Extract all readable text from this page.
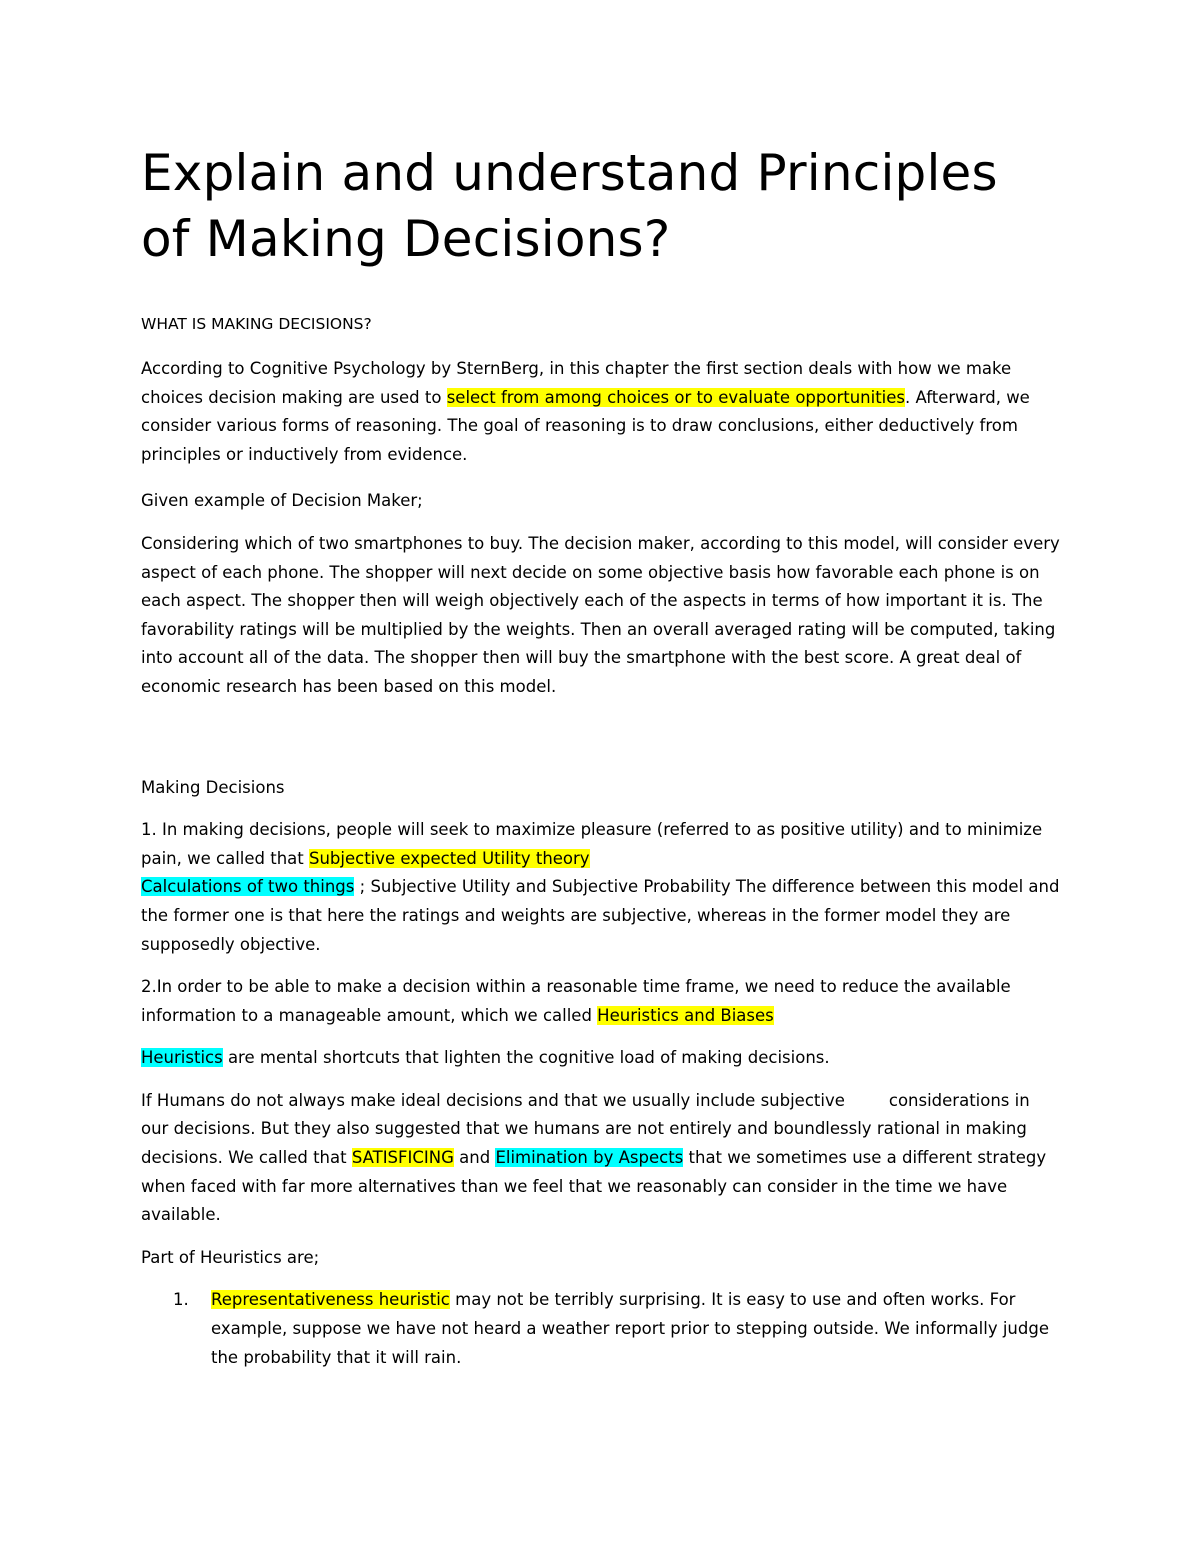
Explain and understand Principles of Making Decisions?

WHAT IS MAKING DECISIONS?

According to Cognitive Psychology by SternBerg, in this chapter the first section deals with how we make choices decision making are used to select from among choices or to evaluate opportunities. Afterward, we consider various forms of reasoning. The goal of reasoning is to draw conclusions, either deductively from principles or inductively from evidence.

Given example of Decision Maker;

Considering which of two smartphones to buy. The decision maker, according to this model, will consider every aspect of each phone. The shopper will next decide on some objective basis how favorable each phone is on each aspect. The shopper then will weigh objectively each of the aspects in terms of how important it is. The favorability ratings will be multiplied by the weights. Then an overall averaged rating will be computed, taking into account all of the data. The shopper then will buy the smartphone with the best score. A great deal of economic research has been based on this model.

Making Decisions

1. In making decisions, people will seek to maximize pleasure (referred to as positive utility) and to minimize pain, we called that Subjective expected Utility theory
Calculations of two things ; Subjective Utility and Subjective Probability The difference between this model and the former one is that here the ratings and weights are subjective, whereas in the former model they are supposedly objective.

2.In order to be able to make a decision within a reasonable time frame, we need to reduce the available information to a manageable amount, which we called Heuristics and Biases

Heuristics are mental shortcuts that lighten the cognitive load of making decisions.

If Humans do not always make ideal decisions and that we usually include subjective	considerations in our decisions. But they also suggested that we humans are not entirely and boundlessly rational in making decisions. We called that SATISFICING and Elimination by Aspects that we sometimes use a different strategy when faced with far more alternatives than we feel that we reasonably can consider in the time we have available.

Part of Heuristics are;

1. Representativeness heuristic may not be terribly surprising. It is easy to use and often works. For example, suppose we have not heard a weather report prior to stepping outside. We informally judge the probability that it will rain.
